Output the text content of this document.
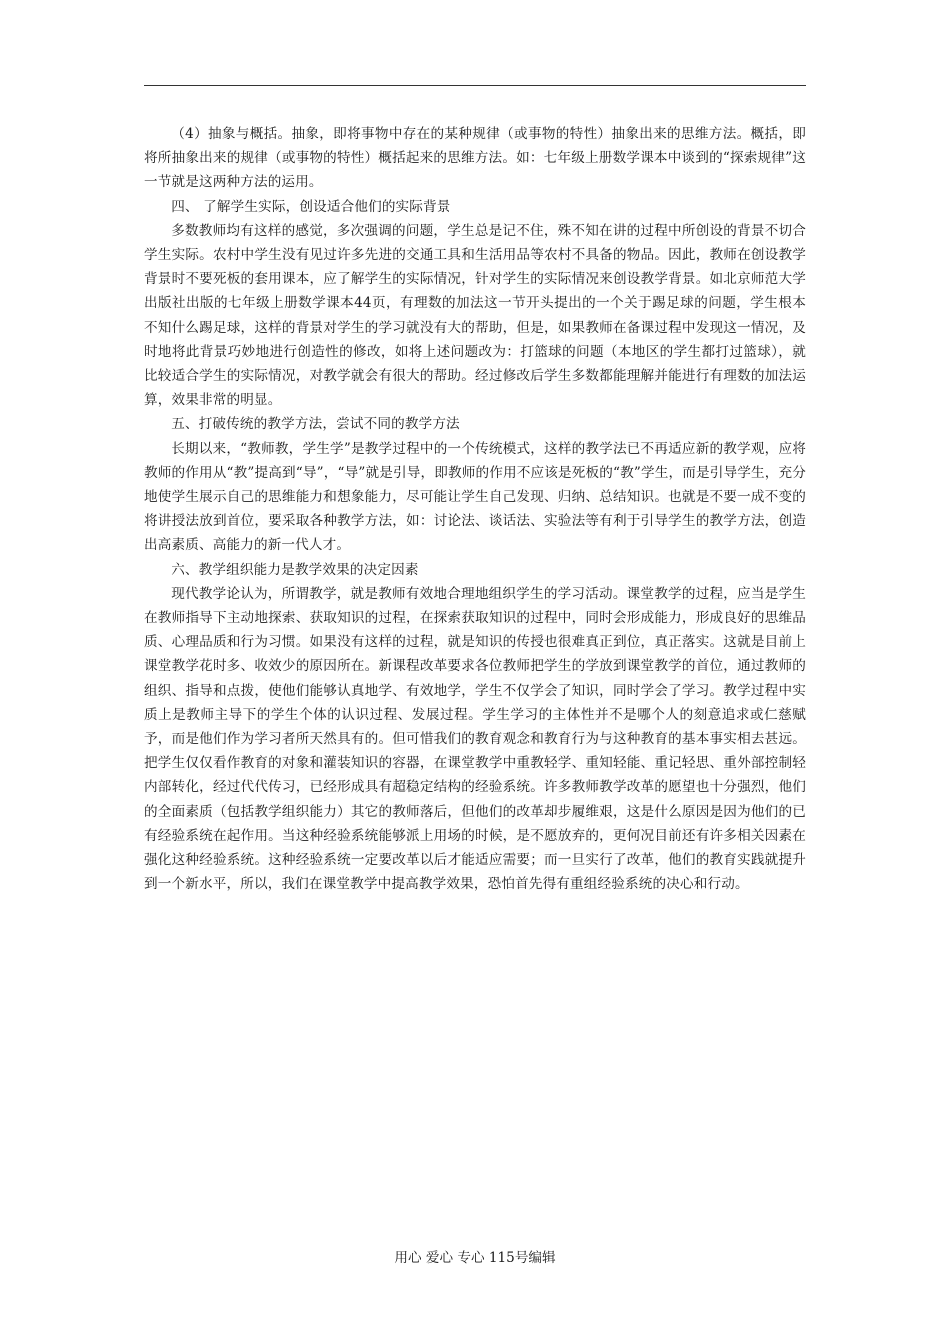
（4）抽象与概括。抽象，即将事物中存在的某种规律（或事物的特性）抽象出来的思维方法。概括，即将所抽象出来的规律（或事物的特性）概括起来的思维方法。如：七年级上册数学课本中谈到的“探索规律”这一节就是这两种方法的运用。

四、 了解学生实际，创设适合他们的实际背景

多数教师均有这样的感觉，多次强调的问题，学生总是记不住，殊不知在讲的过程中所创设的背景不切合学生实际。农村中学生没有见过许多先进的交通工具和生活用品等农村不具备的物品。因此，教师在创设教学背景时不要死板的套用课本，应了解学生的实际情况，针对学生的实际情况来创设教学背景。如北京师范大学出版社出版的七年级上册数学课本44页，有理数的加法这一节开头提出的一个关于踢足球的问题，学生根本不知什么踢足球，这样的背景对学生的学习就没有大的帮助，但是，如果教师在备课过程中发现这一情况，及时地将此背景巧妙地进行创造性的修改，如将上述问题改为：打篮球的问题（本地区的学生都打过篮球），就比较适合学生的实际情况，对教学就会有很大的帮助。经过修改后学生多数都能理解并能进行有理数的加法运算，效果非常的明显。

五、打破传统的教学方法，尝试不同的教学方法

长期以来，“教师教，学生学”是教学过程中的一个传统模式，这样的教学法已不再适应新的教学观，应将教师的作用从“教”提高到“导”，“导”就是引导，即教师的作用不应该是死板的“教”学生，而是引导学生，充分地使学生展示自己的思维能力和想象能力，尽可能让学生自己发现、归纳、总结知识。也就是不要一成不变的将讲授法放到首位，要采取各种教学方法，如：讨论法、谈话法、实验法等有利于引导学生的教学方法，创造出高素质、高能力的新一代人才。

六、教学组织能力是教学效果的决定因素

现代教学论认为，所谓教学，就是教师有效地合理地组织学生的学习活动。课堂教学的过程，应当是学生在教师指导下主动地探索、获取知识的过程，在探索获取知识的过程中，同时会形成能力，形成良好的思维品质、心理品质和行为习惯。如果没有这样的过程，就是知识的传授也很难真正到位，真正落实。这就是目前上课堂教学花时多、收效少的原因所在。新课程改革要求各位教师把学生的学放到课堂教学的首位，通过教师的组织、指导和点拨，使他们能够认真地学、有效地学，学生不仅学会了知识，同时学会了学习。教学过程中实质上是教师主导下的学生个体的认识过程、发展过程。学生学习的主体性并不是哪个人的刻意追求或仁慈赋予，而是他们作为学习者所天然具有的。但可惜我们的教育观念和教育行为与这种教育的基本事实相去甚远。把学生仅仅看作教育的对象和灌装知识的容器，在课堂教学中重教轻学、重知轻能、重记轻思、重外部控制轻内部转化，经过代代传习，已经形成具有超稳定结构的经验系统。许多教师教学改革的愿望也十分强烈，他们的全面素质（包括教学组织能力）其它的教师落后，但他们的改革却步履维艰，这是什么原因是因为他们的已有经验系统在起作用。当这种经验系统能够派上用场的时候，是不愿放弃的，更何况目前还有许多相关因素在强化这种经验系统。这种经验系统一定要改革以后才能适应需要；而一旦实行了改革，他们的教育实践就提升到一个新水平，所以，我们在课堂教学中提高教学效果，恐怕首先得有重组经验系统的决心和行动。

用心 爱心 专心 115号编辑
